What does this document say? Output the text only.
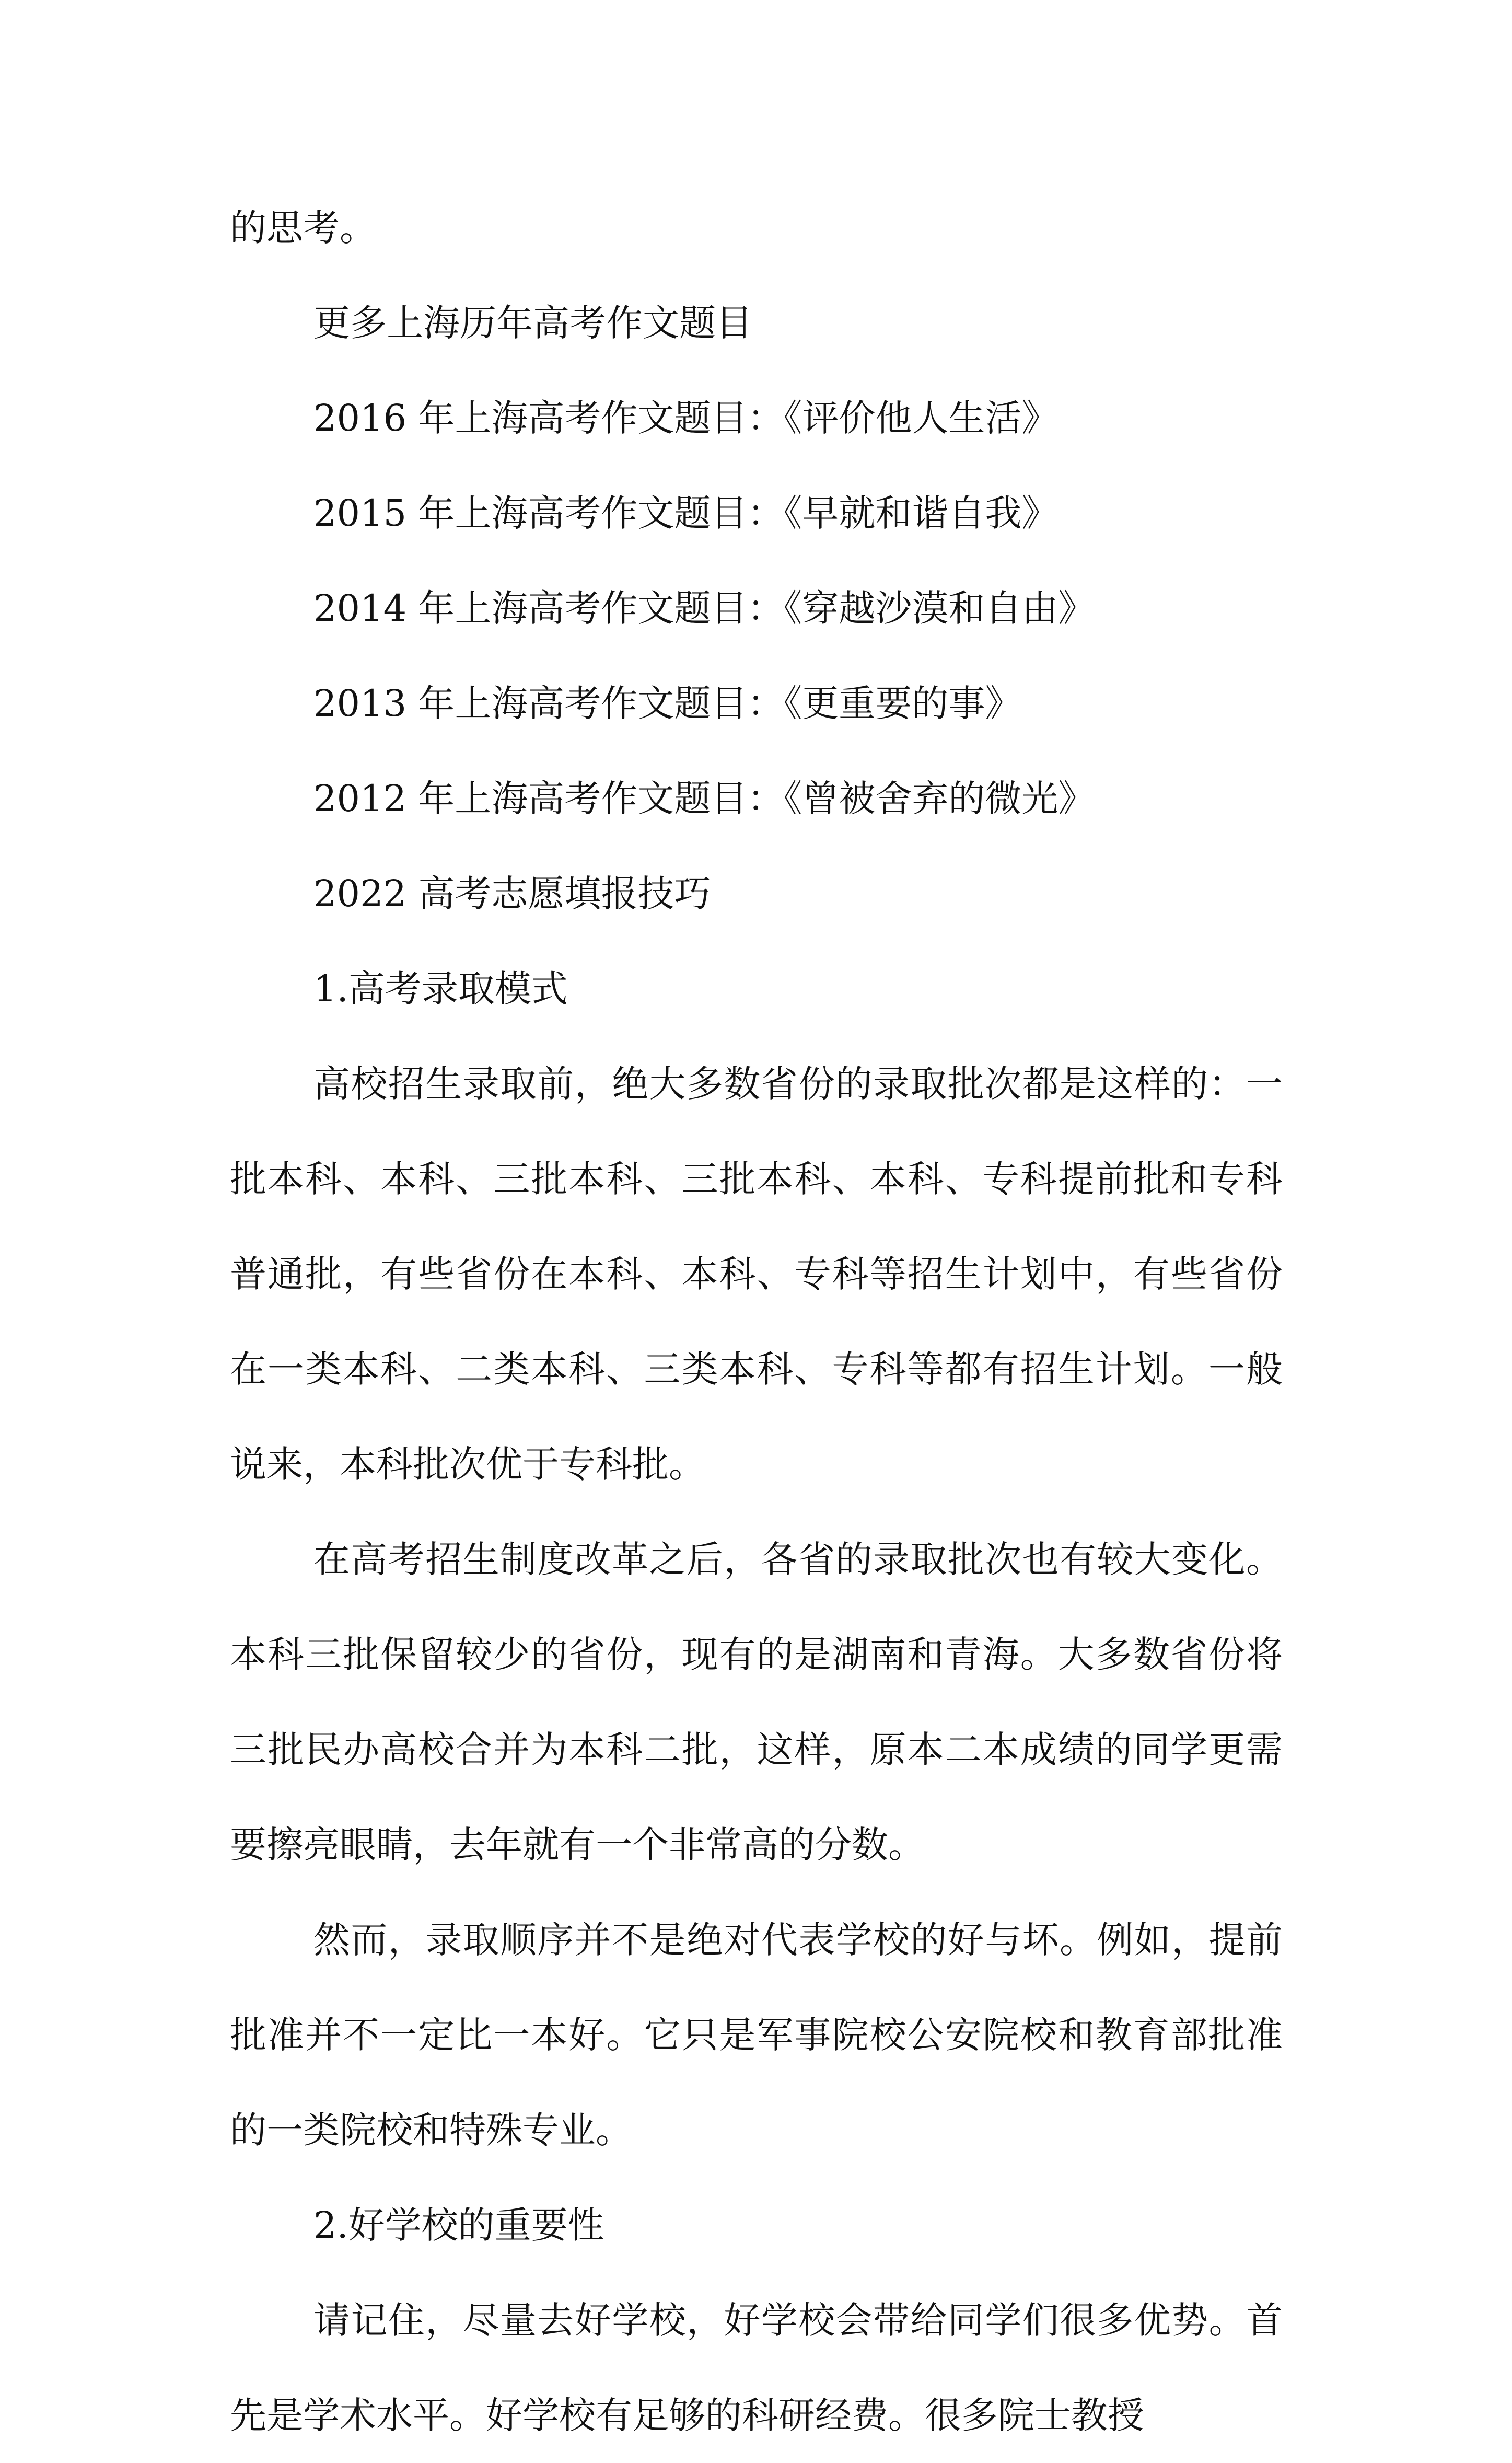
的思考。

更多上海历年高考作文题目

2016 年上海高考作文题目：《评价他人生活》

2015 年上海高考作文题目：《早就和谐自我》

2014 年上海高考作文题目：《穿越沙漠和自由》

2013 年上海高考作文题目：《更重要的事》

2012 年上海高考作文题目：《曾被舍弃的微光》

2022 高考志愿填报技巧

1.高考录取模式

高校招生录取前，绝大多数省份的录取批次都是这样的：一批本科、本科、三批本科、三批本科、本科、专科提前批和专科普通批，有些省份在本科、本科、专科等招生计划中，有些省份在一类本科、二类本科、三类本科、专科等都有招生计划。一般说来，本科批次优于专科批。

在高考招生制度改革之后，各省的录取批次也有较大变化。本科三批保留较少的省份，现有的是湖南和青海。大多数省份将三批民办高校合并为本科二批，这样，原本二本成绩的同学更需要擦亮眼睛，去年就有一个非常高的分数。

然而，录取顺序并不是绝对代表学校的好与坏。例如，提前批准并不一定比一本好。它只是军事院校公安院校和教育部批准的一类院校和特殊专业。

2.好学校的重要性

请记住，尽量去好学校，好学校会带给同学们很多优势。首先是学术水平。好学校有足够的科研经费。很多院士教授
